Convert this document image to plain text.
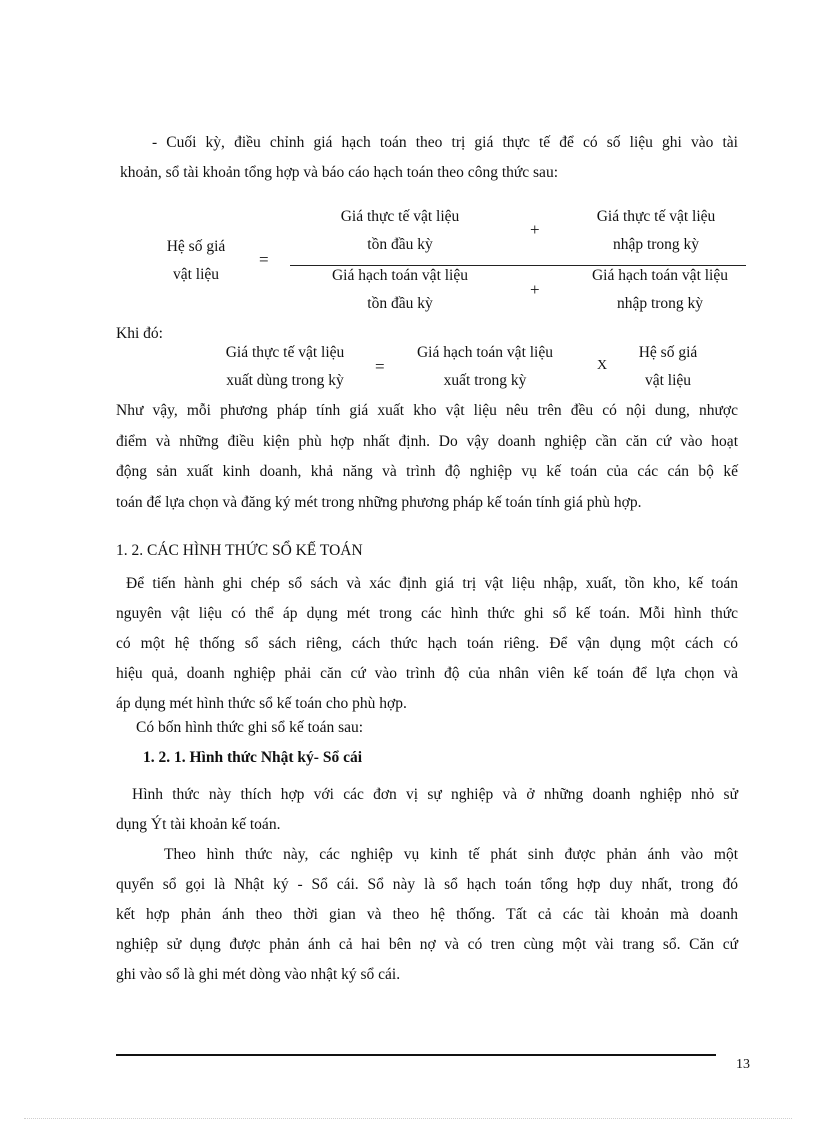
- Cuối kỳ, điều chỉnh giá hạch toán theo trị giá thực tế để có số liệu ghi vào tài
khoản, sổ tài khoản tổng hợp và báo cáo hạch toán theo công thức sau:
Hệ số giá
vật liệu
=
Giá thực tế vật liệu
tồn đầu kỳ
+
Giá thực tế vật liệu
nhập trong kỳ
Giá hạch toán vật liệu
tồn đầu kỳ
+
Giá hạch toán vật liệu
nhập trong kỳ
Khi đó:
Giá thực tế vật liệu
xuất dùng trong kỳ
=
Giá hạch toán vật liệu
xuất trong kỳ
X
Hệ số giá
vật liệu
Như vậy, mỗi phương pháp tính giá xuất kho vật liệu nêu trên đều có nội dung, nhược
điểm và những điều kiện phù hợp nhất định. Do vậy doanh nghiệp cần căn cứ vào hoạt
động sản xuất kinh doanh, khả năng và trình độ nghiệp vụ kế toán của các cán bộ kế
toán để lựa chọn và đăng ký mét trong những phương pháp kế toán tính giá phù hợp.
1. 2. CÁC HÌNH THỨC SỔ KẾ TOÁN
Để tiến hành ghi chép sổ sách và xác định giá trị vật liệu nhập, xuất, tồn kho, kế toán
nguyên vật liệu có thể áp dụng mét trong các hình thức ghi sổ kế toán. Mỗi hình thức
có một hệ thống sổ sách riêng, cách thức hạch toán riêng. Để vận dụng một cách có
hiệu quả, doanh nghiệp phải căn cứ vào trình độ của nhân viên kế toán để lựa chọn và
áp dụng mét hình thức sổ kế toán cho phù hợp.
Có bốn hình thức ghi sổ kế toán sau:
1. 2. 1. Hình thức Nhật ký- Sổ cái
Hình thức này thích hợp với các đơn vị sự nghiệp và ở những doanh nghiệp nhỏ sử
dụng Ýt tài khoản kế toán.
Theo hình thức này, các nghiệp vụ kinh tế phát sinh được phản ánh vào một
quyển sổ gọi là Nhật ký - Sổ cái. Sổ này là sổ hạch toán tổng hợp duy nhất, trong đó
kết hợp phản ánh theo thời gian và theo hệ thống. Tất cả các tài khoản mà doanh
nghiệp sử dụng được phản ánh cả hai bên nợ và có tren cùng một vài trang sổ. Căn cứ
ghi vào sổ là ghi mét dòng vào nhật ký sổ cái.
13
